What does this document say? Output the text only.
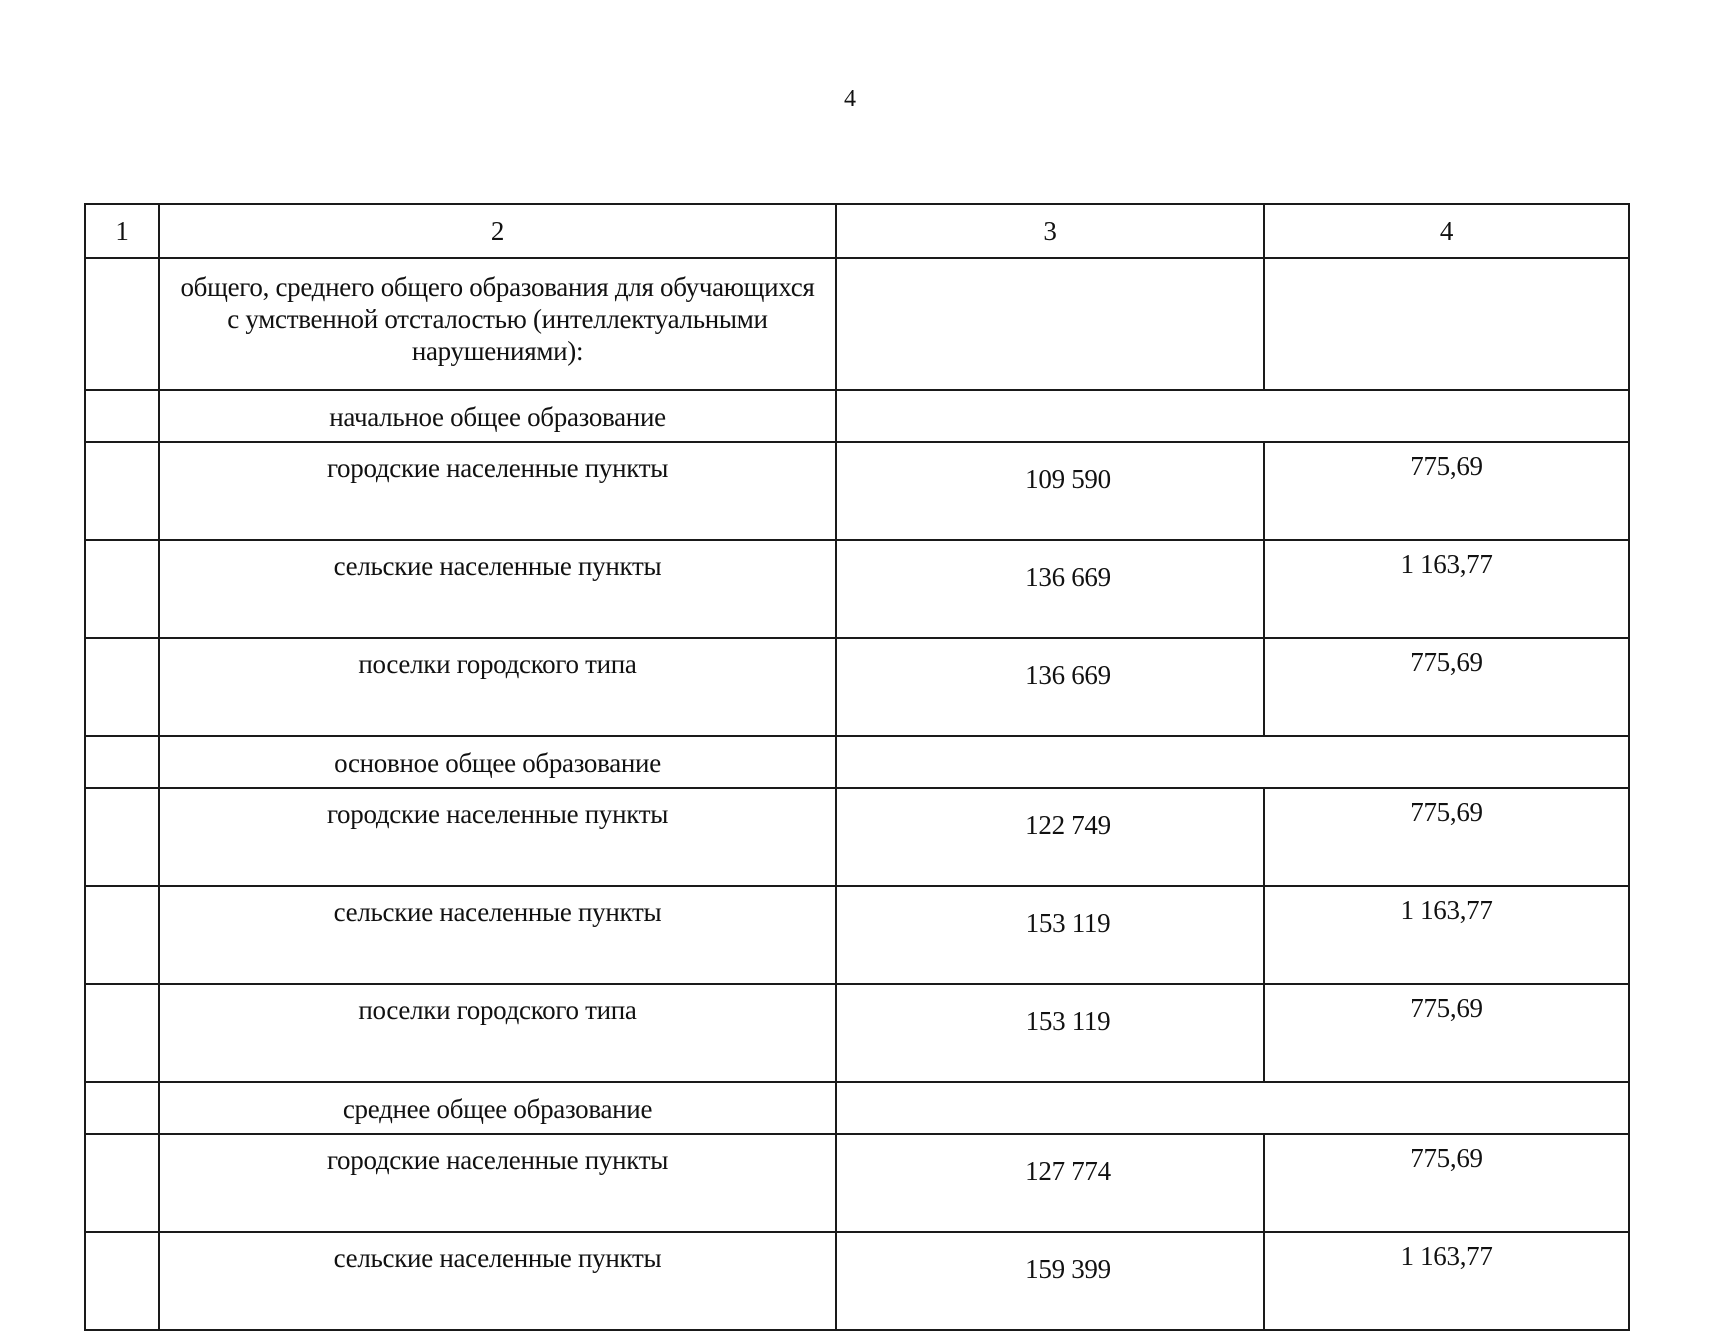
4
1	2	3	4
	общего, среднего общего образования для обучающихся с умственной отсталостью (интеллектуальными нарушениями):		
	начальное общее образование		
	городские населенные пункты	109 590	775,69
	сельские населенные пункты	136 669	1 163,77
	поселки городского типа	136 669	775,69
	основное общее образование		
	городские населенные пункты	122 749	775,69
	сельские населенные пункты	153 119	1 163,77
	поселки городского типа	153 119	775,69
	среднее общее образование		
	городские населенные пункты	127 774	775,69
	сельские населенные пункты	159 399	1 163,77
